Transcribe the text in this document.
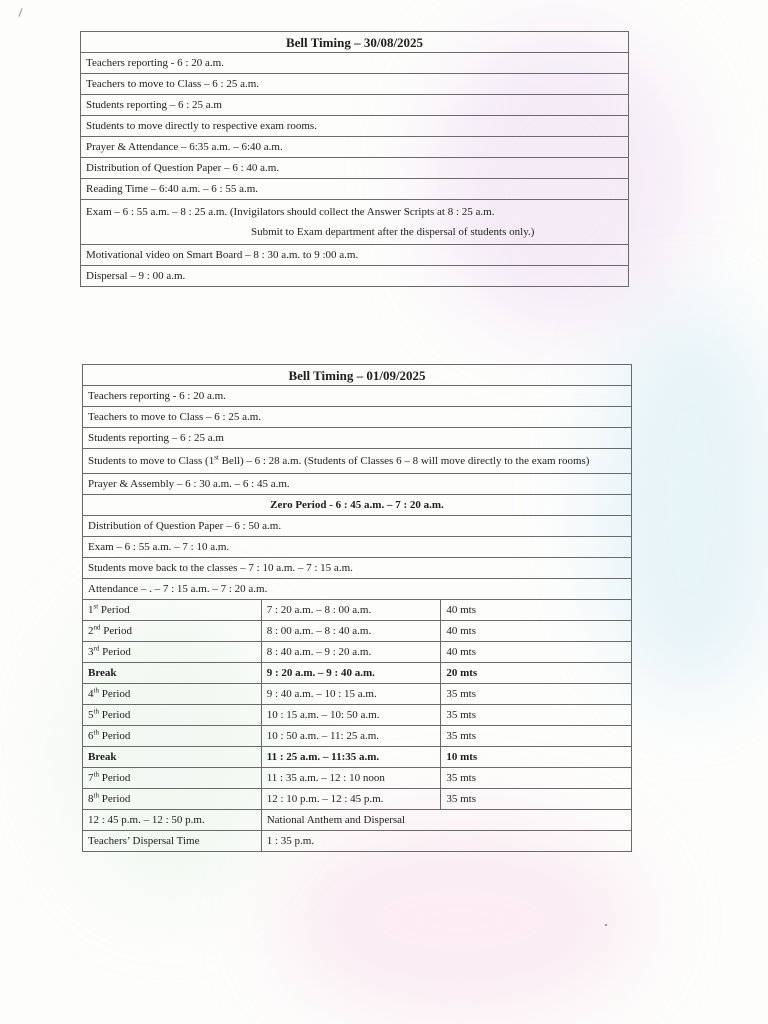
Bell Timing – 30/08/2025
Teachers reporting - 6 : 20 a.m.
Teachers to move to Class – 6 : 25 a.m.
Students reporting – 6 : 25 a.m
Students to move directly to respective exam rooms.
Prayer & Attendance – 6:35 a.m. – 6:40 a.m.
Distribution of Question Paper – 6 : 40 a.m.
Reading Time – 6:40 a.m. – 6 : 55 a.m.
Exam – 6 : 55 a.m. – 8 : 25 a.m. (Invigilators should collect the Answer Scripts at 8 : 25 a.m.

Submit to Exam department after the dispersal of students only.)

Motivational video on Smart Board – 8 : 30 a.m. to 9 :00 a.m.
Dispersal – 9 : 00 a.m.
Bell Timing – 01/09/2025		
Teachers reporting - 6 : 20 a.m.		
Teachers to move to Class – 6 : 25 a.m.		
Students reporting – 6 : 25 a.m		
Students to move to Class (1st Bell) – 6 : 28 a.m. (Students of Classes 6 – 8 will move directly to the exam rooms)		
Prayer & Assembly – 6 : 30 a.m. – 6 : 45 a.m.		
Zero Period - 6 : 45 a.m. – 7 : 20 a.m.		
Distribution of Question Paper – 6 : 50 a.m.		
Exam – 6 : 55 a.m. – 7 : 10 a.m.		
Students move back to the classes – 7 : 10 a.m. – 7 : 15 a.m.		
Attendance – . – 7 : 15 a.m. – 7 : 20 a.m.		
1st Period	7 : 20 a.m. – 8 : 00 a.m.	40 mts
2nd Period	8 : 00 a.m. – 8 : 40 a.m.	40 mts
3rd Period	8 : 40 a.m. – 9 : 20 a.m.	40 mts
Break	9 : 20 a.m. – 9 : 40 a.m.	20 mts
4th Period	9 : 40 a.m. – 10 : 15 a.m.	35 mts
5th Period	10 : 15 a.m. – 10: 50 a.m.	35 mts
6th Period	10 : 50 a.m. – 11: 25 a.m.	35 mts
Break	11 : 25 a.m. – 11:35 a.m.	10 mts
7th Period	11 : 35 a.m. – 12 : 10 noon	35 mts
8th Period	12 : 10 p.m. – 12 : 45 p.m.	35 mts
12 : 45 p.m. – 12 : 50 p.m.	National Anthem and Dispersal	
Teachers’ Dispersal Time	1 : 35 p.m.	
